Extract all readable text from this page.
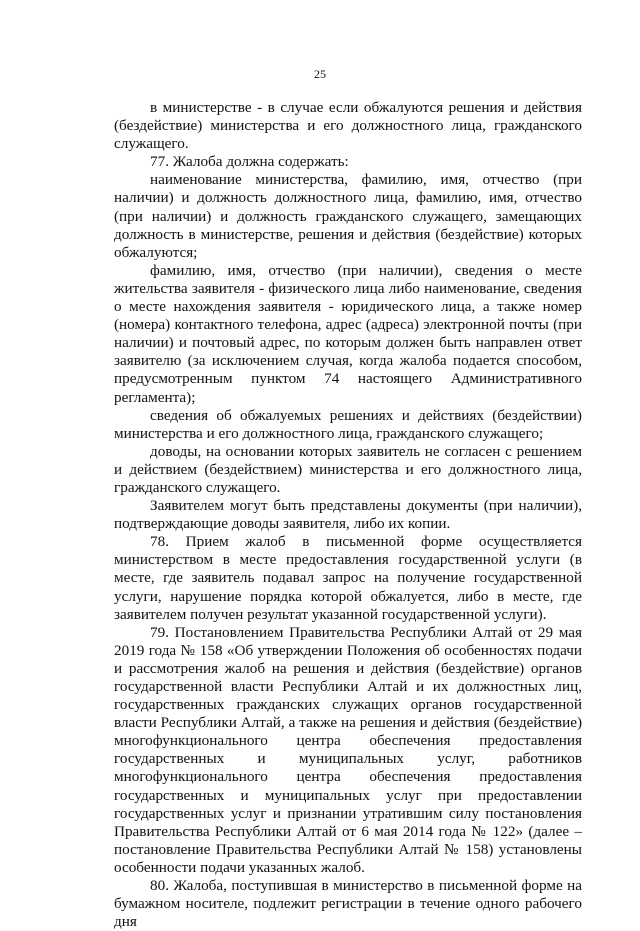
25

в министерстве - в случае если обжалуются решения и действия (бездействие) министерства и его должностного лица, гражданского служащего.

77. Жалоба должна содержать:

наименование министерства, фамилию, имя, отчество (при наличии) и должность должностного лица, фамилию, имя, отчество (при наличии) и должность гражданского служащего, замещающих должность в министерстве, решения и действия (бездействие) которых обжалуются;

фамилию, имя, отчество (при наличии), сведения о месте жительства заявителя - физического лица либо наименование, сведения о месте нахождения заявителя - юридического лица, а также номер (номера) контактного телефона, адрес (адреса) электронной почты (при наличии) и почтовый адрес, по которым должен быть направлен ответ заявителю (за исключением случая, когда жалоба подается способом, предусмотренным пунктом 74 настоящего Административного регламента);

сведения об обжалуемых решениях и действиях (бездействии) министерства и его должностного лица, гражданского служащего;

доводы, на основании которых заявитель не согласен с решением и действием (бездействием) министерства и его должностного лица, гражданского служащего.

Заявителем могут быть представлены документы (при наличии), подтверждающие доводы заявителя, либо их копии.

78. Прием жалоб в письменной форме осуществляется министерством в месте предоставления государственной услуги (в месте, где заявитель подавал запрос на получение государственной услуги, нарушение порядка которой обжалуется, либо в месте, где заявителем получен результат указанной государственной услуги).

79. Постановлением Правительства Республики Алтай от 29 мая 2019 года № 158 «Об утверждении Положения об особенностях подачи и рассмотрения жалоб на решения и действия (бездействие) органов государственной власти Республики Алтай и их должностных лиц, государственных гражданских служащих органов государственной власти Республики Алтай, а также на решения и действия (бездействие) многофункционального центра обеспечения предоставления государственных и муниципальных услуг, работников многофункционального центра обеспечения предоставления государственных и муниципальных услуг при предоставлении государственных услуг и признании утратившим силу постановления Правительства Республики Алтай от 6 мая 2014 года № 122» (далее – постановление Правительства Республики Алтай № 158) установлены особенности подачи указанных жалоб.

80. Жалоба, поступившая в министерство в письменной форме на бумажном носителе, подлежит регистрации в течение одного рабочего дня
